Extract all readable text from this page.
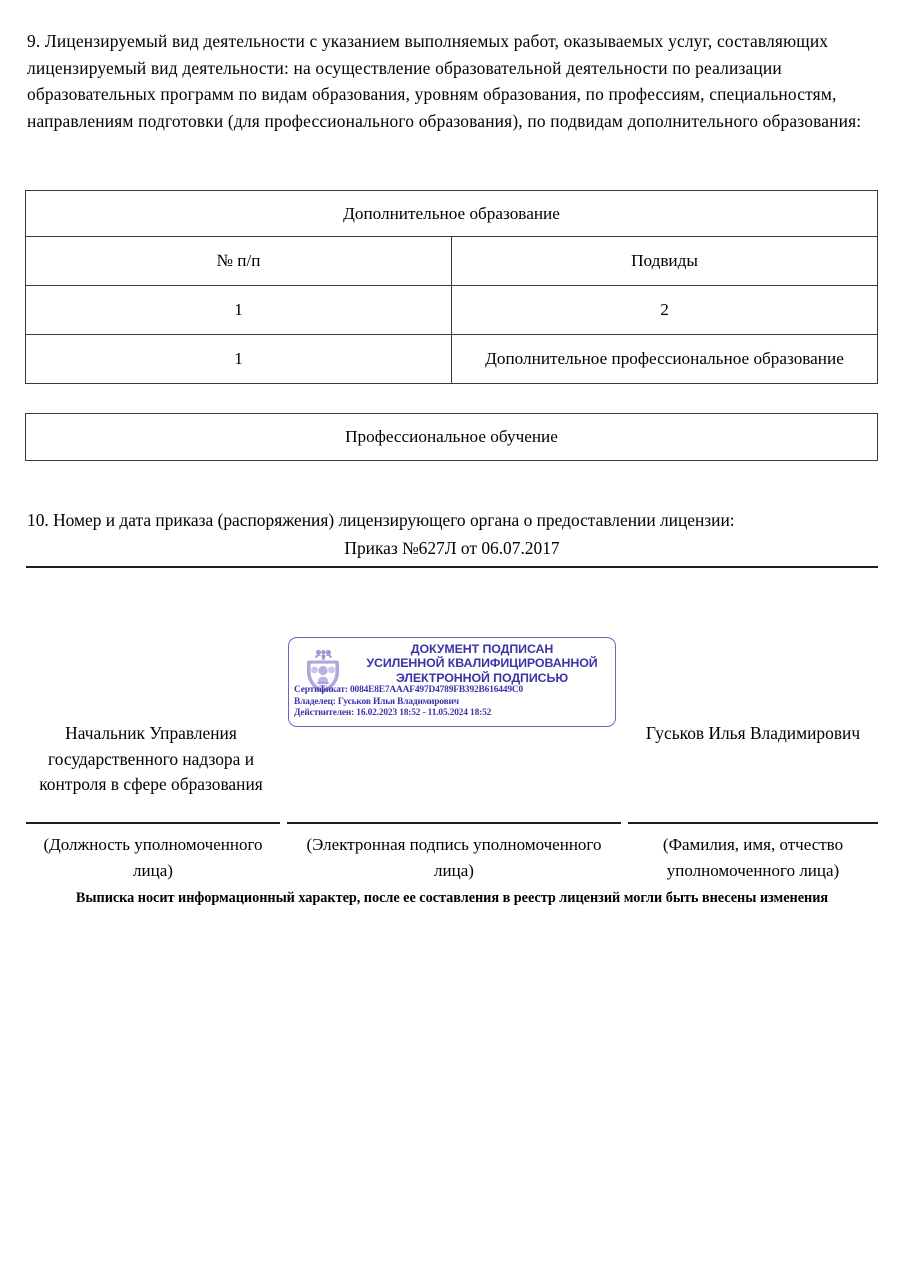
9. Лицензируемый вид деятельности с указанием выполняемых работ, оказываемых услуг, составляющих лицензируемый вид деятельности: на осуществление образовательной деятельности по реализации образовательных программ по видам образования, уровням образования, по профессиям, специальностям, направлениям подготовки (для профессионального образования), по подвидам дополнительного образования:
Дополнительное образование	
№ п/п	Подвиды
1	2
1	Дополнительное профессиональное образование
Профессиональное обучение
10. Номер и дата приказа (распоряжения) лицензирующего органа о предоставлении лицензии:
Приказ №627Л от 06.07.2017
ДОКУМЕНТ ПОДПИСАН
УСИЛЕННОЙ КВАЛИФИЦИРОВАННОЙ
ЭЛЕКТРОННОЙ ПОДПИСЬЮ
Сертификат: 0084E8E7AAAF497D4789FB392B616449C0
Владелец: Гуськов Илья Владимирович
Действителен: 16.02.2023 18:52 - 11.05.2024 18:52
Начальник Управления государственного надзора и контроля в сфере образования
Гуськов Илья Владимирович
(Должность уполномоченного лица)
(Электронная подпись уполномоченного лица)
(Фамилия, имя, отчество уполномоченного лица)
Выписка носит информационный характер, после ее составления в реестр лицензий могли быть внесены изменения
